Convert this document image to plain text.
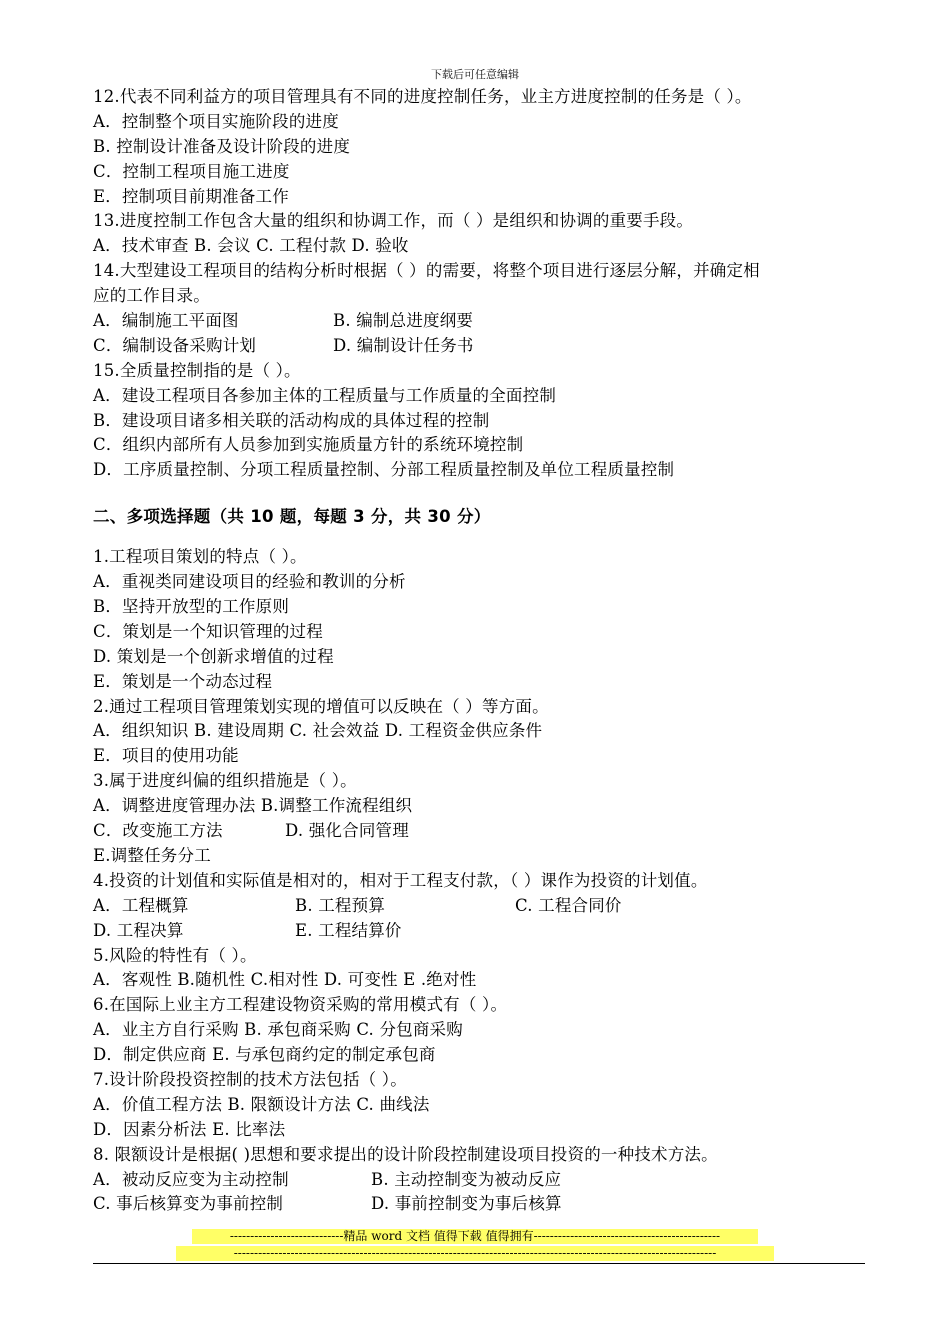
下载后可任意编辑
12.代表不同利益方的项目管理具有不同的进度控制任务，业主方进度控制的任务是（ ）。
A．控制整个项目实施阶段的进度
B. 控制设计准备及设计阶段的进度
C．控制工程项目施工进度
E．控制项目前期准备工作
13.进度控制工作包含大量的组织和协调工作，而（ ）是组织和协调的重要手段。
A．技术审查 B. 会议 C. 工程付款 D. 验收
14.大型建设工程项目的结构分析时根据（ ）的需要，将整个项目进行逐层分解，并确定相
应的工作目录。
A．编制施工平面图	B. 编制总进度纲要
C．编制设备采购计划	D. 编制设计任务书
15.全质量控制指的是（ ）。
A．建设工程项目各参加主体的工程质量与工作质量的全面控制
B．建设项目诸多相关联的活动构成的具体过程的控制
C．组织内部所有人员参加到实施质量方针的系统环境控制
D．工序质量控制、分项工程质量控制、分部工程质量控制及单位工程质量控制
二、多项选择题（共 10 题，每题 3 分，共 30 分）
1.工程项目策划的特点（ ）。
A．重视类同建设项目的经验和教训的分析
B．坚持开放型的工作原则
C．策划是一个知识管理的过程
D. 策划是一个创新求增值的过程
E．策划是一个动态过程
2.通过工程项目管理策划实现的增值可以反映在（ ）等方面。
A．组织知识 B. 建设周期 C. 社会效益 D. 工程资金供应条件
E．项目的使用功能
3.属于进度纠偏的组织措施是（ ）。
A．调整进度管理办法 B.调整工作流程组织
C．改变施工方法	D. 强化合同管理
E.调整任务分工
4.投资的计划值和实际值是相对的，相对于工程支付款，（ ）课作为投资的计划值。
A．工程概算	B. 工程预算	C. 工程合同价
D. 工程决算	E. 工程结算价
5.风险的特性有（ ）。
A．客观性 B.随机性 C.相对性 D. 可变性 E .绝对性
6.在国际上业主方工程建设物资采购的常用模式有（ ）。
A．业主方自行采购 B. 承包商采购 C. 分包商采购
D．制定供应商 E. 与承包商约定的制定承包商
7.设计阶段投资控制的技术方法包括（ ）。
A．价值工程方法 B. 限额设计方法 C. 曲线法
D．因素分析法 E. 比率法
8. 限额设计是根据( )思想和要求提出的设计阶段控制建设项目投资的一种技术方法。
A．被动反应变为主动控制	B. 主动控制变为被动反应
C. 事后核算变为事前控制	D. 事前控制变为事后核算
----------------------------精品 word 文档 值得下载 值得拥有----------------------------------------------
-----------------------------------------------------------------------------------------------------------------------
